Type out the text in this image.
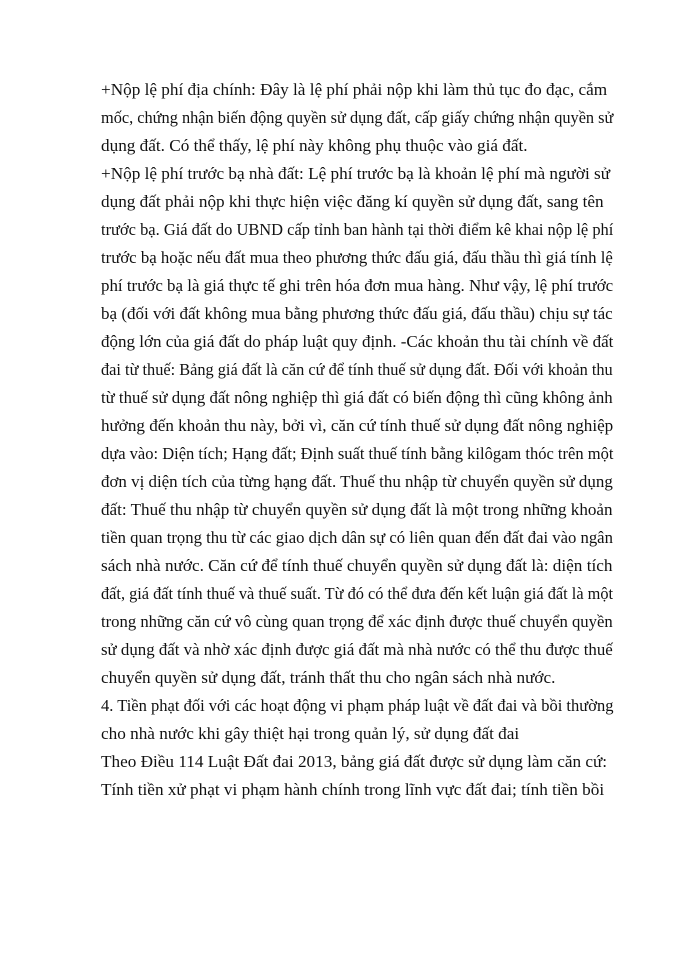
+Nộp lệ phí địa chính: Đây là lệ phí phải nộp khi làm thủ tục đo đạc, cắm
mốc, chứng nhận biến động quyền sử dụng đất, cấp giấy chứng nhận quyền sử
dụng đất. Có thể thấy, lệ phí này không phụ thuộc vào giá đất.
+Nộp lệ phí trước bạ nhà đất: Lệ phí trước bạ là khoản lệ phí mà người sử
dụng đất phải nộp khi thực hiện việc đăng kí quyền sử dụng đất, sang tên
trước bạ. Giá đất do UBND cấp tỉnh ban hành tại thời điểm kê khai nộp lệ phí
trước bạ hoặc nếu đất mua theo phương thức đấu giá, đấu thầu thì giá tính lệ
phí trước bạ là giá thực tế ghi trên hóa đơn mua hàng. Như vậy, lệ phí trước
bạ (đối với đất không mua bằng phương thức đấu giá, đấu thầu) chịu sự tác
động lớn của giá đất do pháp luật quy định. -Các khoản thu tài chính về đất
đai từ thuế: Bảng giá đất là căn cứ để tính thuế sử dụng đất. Đối với khoản thu
từ thuế sử dụng đất nông nghiệp thì giá đất có biến động thì cũng không ảnh
hưởng đến khoản thu này, bởi vì, căn cứ tính thuế sử dụng đất nông nghiệp
dựa vào: Diện tích; Hạng đất; Định suất thuế tính bằng kilôgam thóc trên một
đơn vị diện tích của từng hạng đất. Thuế thu nhập từ chuyển quyền sử dụng
đất: Thuế thu nhập từ chuyển quyền sử dụng đất là một trong những khoản
tiền quan trọng thu từ các giao dịch dân sự có liên quan đến đất đai vào ngân
sách nhà nước. Căn cứ để tính thuế chuyển quyền sử dụng đất là: diện tích
đất, giá đất tính thuế và thuế suất. Từ đó có thể đưa đến kết luận giá đất là một
trong những căn cứ vô cùng quan trọng để xác định được thuế chuyển quyền
sử dụng đất và nhờ xác định được giá đất mà nhà nước có thể thu được thuế
chuyển quyền sử dụng đất, tránh thất thu cho ngân sách nhà nước.
4. Tiền phạt đối với các hoạt động vi phạm pháp luật về đất đai và bồi thường
cho nhà nước khi gây thiệt hại trong quản lý, sử dụng đất đai
Theo Điều 114 Luật Đất đai 2013, bảng giá đất được sử dụng làm căn cứ:
Tính tiền xử phạt vi phạm hành chính trong lĩnh vực đất đai; tính tiền bồi
